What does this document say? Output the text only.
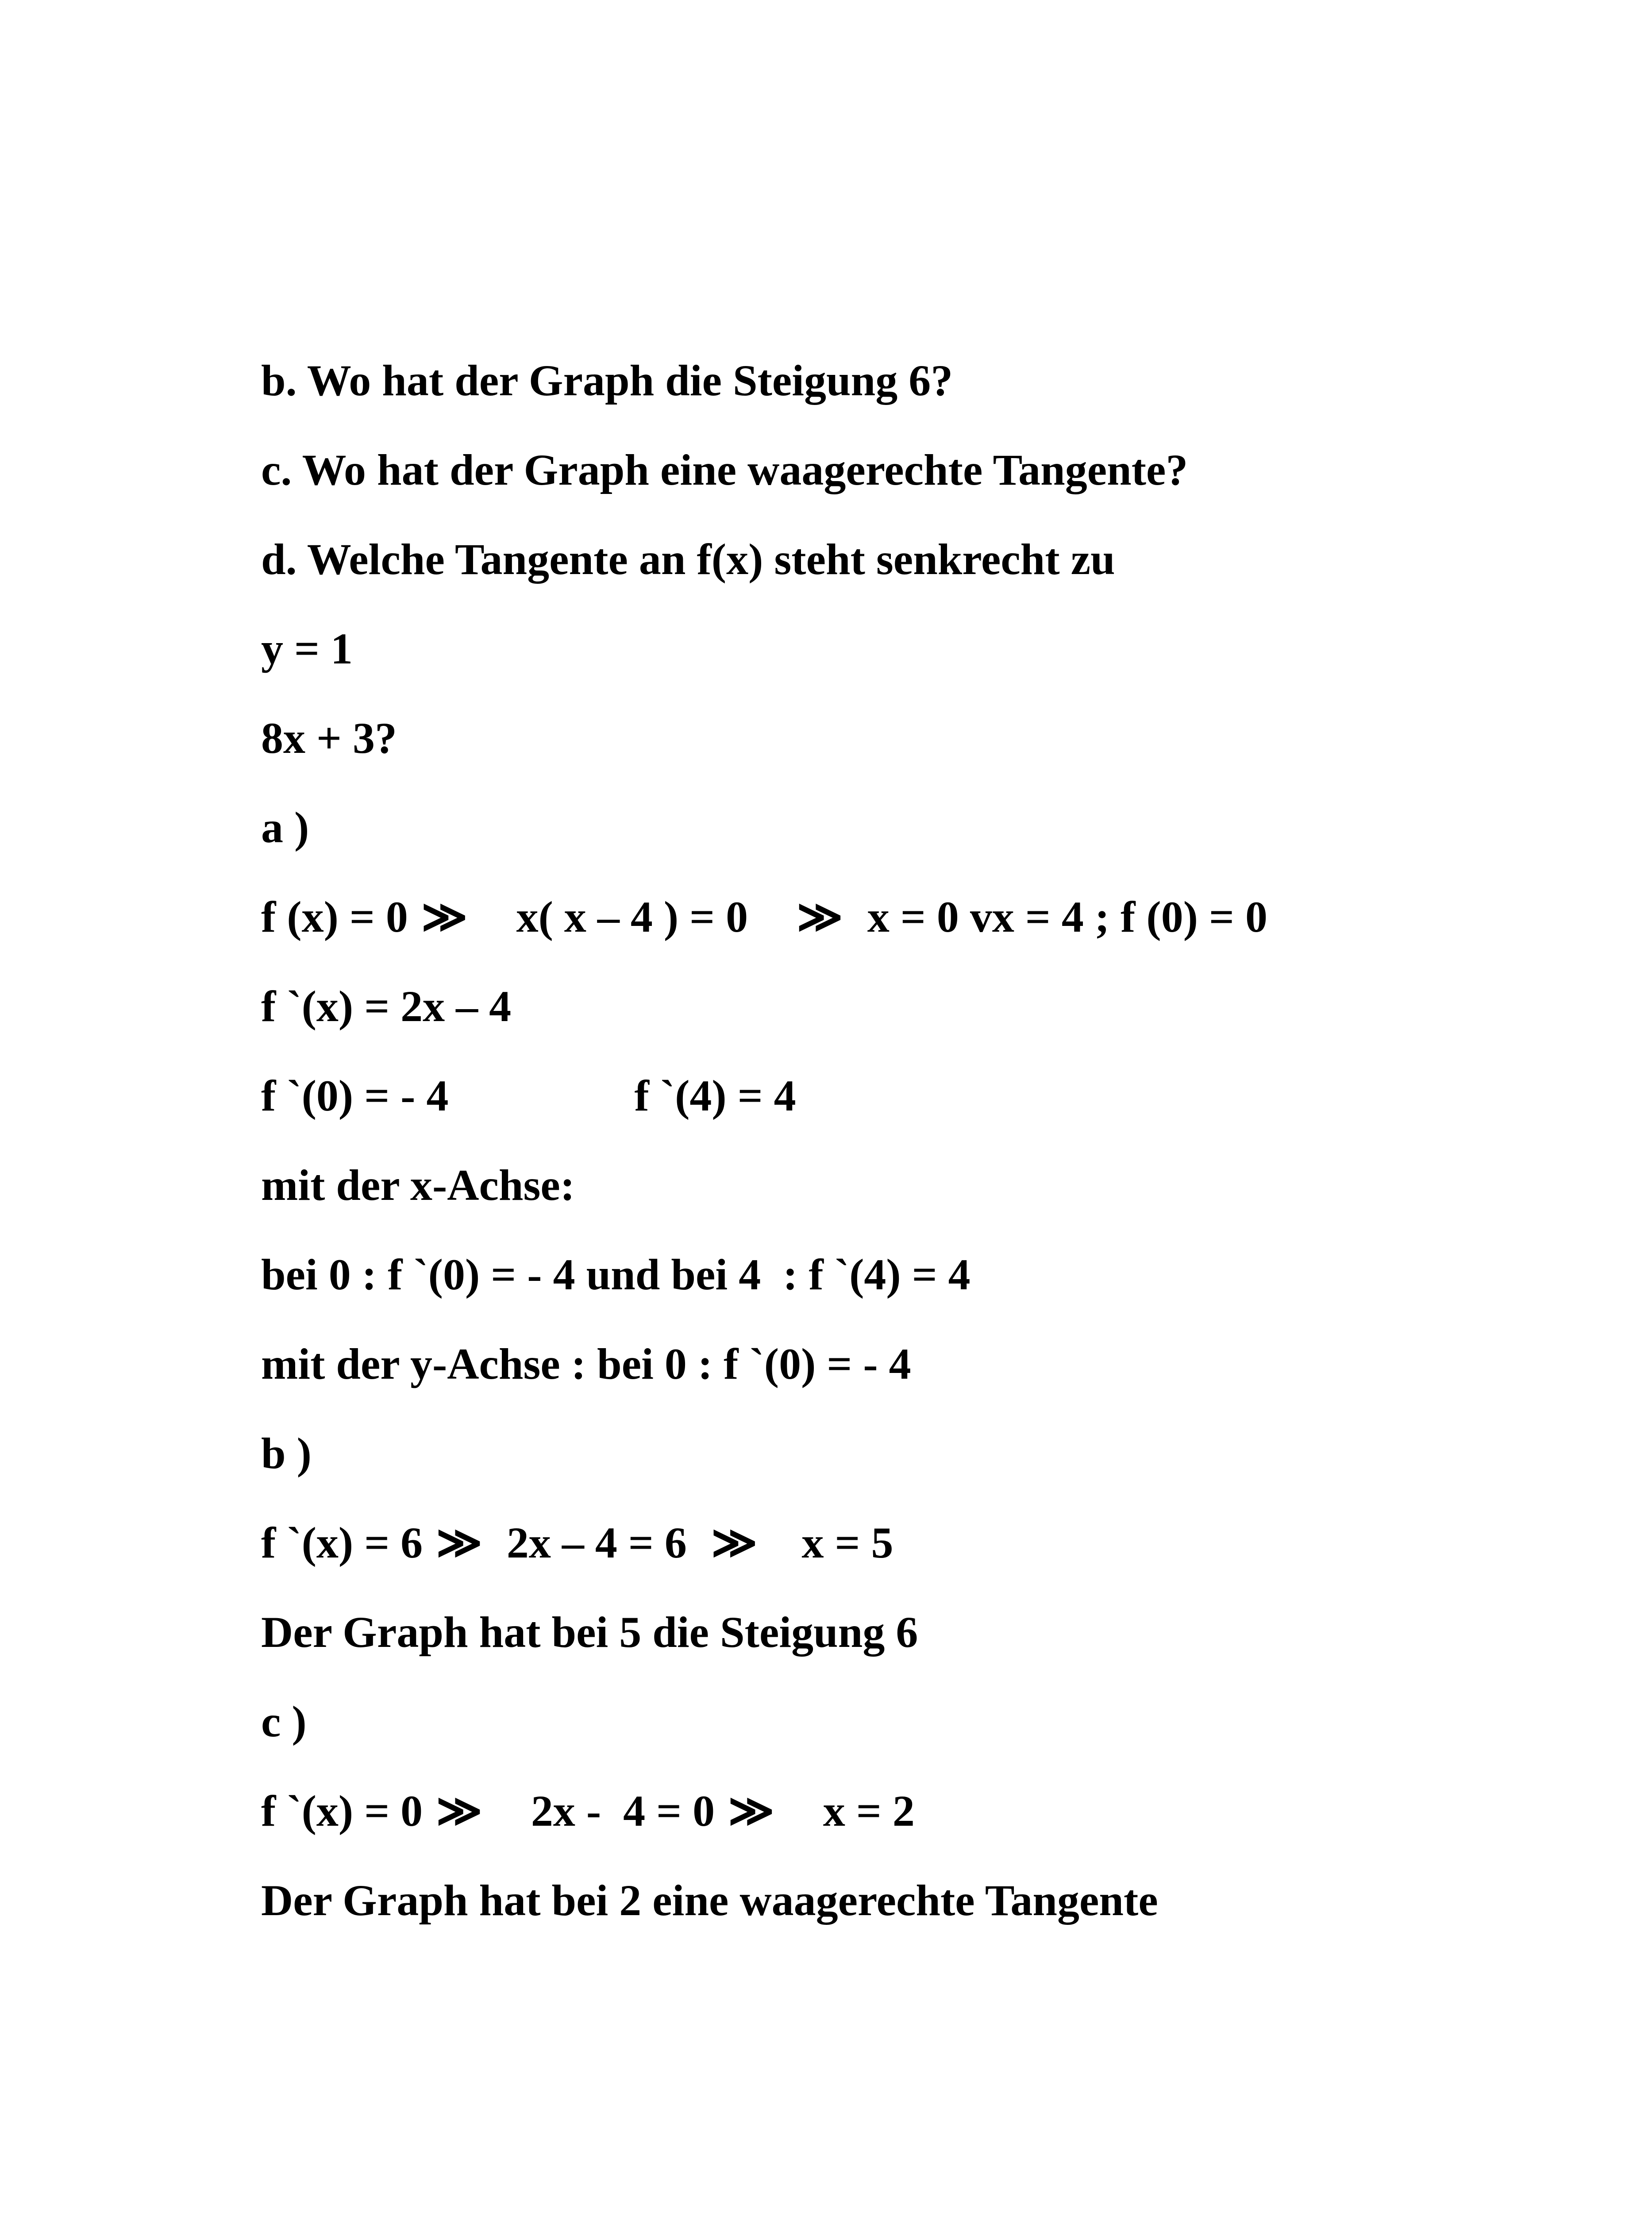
b. Wo hat der Graph die Steigung 6?
c. Wo hat der Graph eine waagerechte Tangente?
d. Welche Tangente an f(x) steht senkrecht zu
y = 1
8x + 3?
a )
f (x) = 0 ≫ x( x – 4 ) = 0 ≫ x = 0 vx = 4 ; f (0) = 0
f `(x) = 2x – 4
f `(0) = - 4	f `(4) = 4
mit der x-Achse:
bei 0 : f `(0) = - 4 und bei 4  : f `(4) = 4
mit der y-Achse : bei 0 : f `(0) = - 4
b )
f `(x) = 6 ≫ 2x – 4 = 6 ≫ x = 5
Der Graph hat bei 5 die Steigung 6
c )
f `(x) = 0 ≫ 2x -  4 = 0 ≫ x = 2
Der Graph hat bei 2 eine waagerechte Tangente
